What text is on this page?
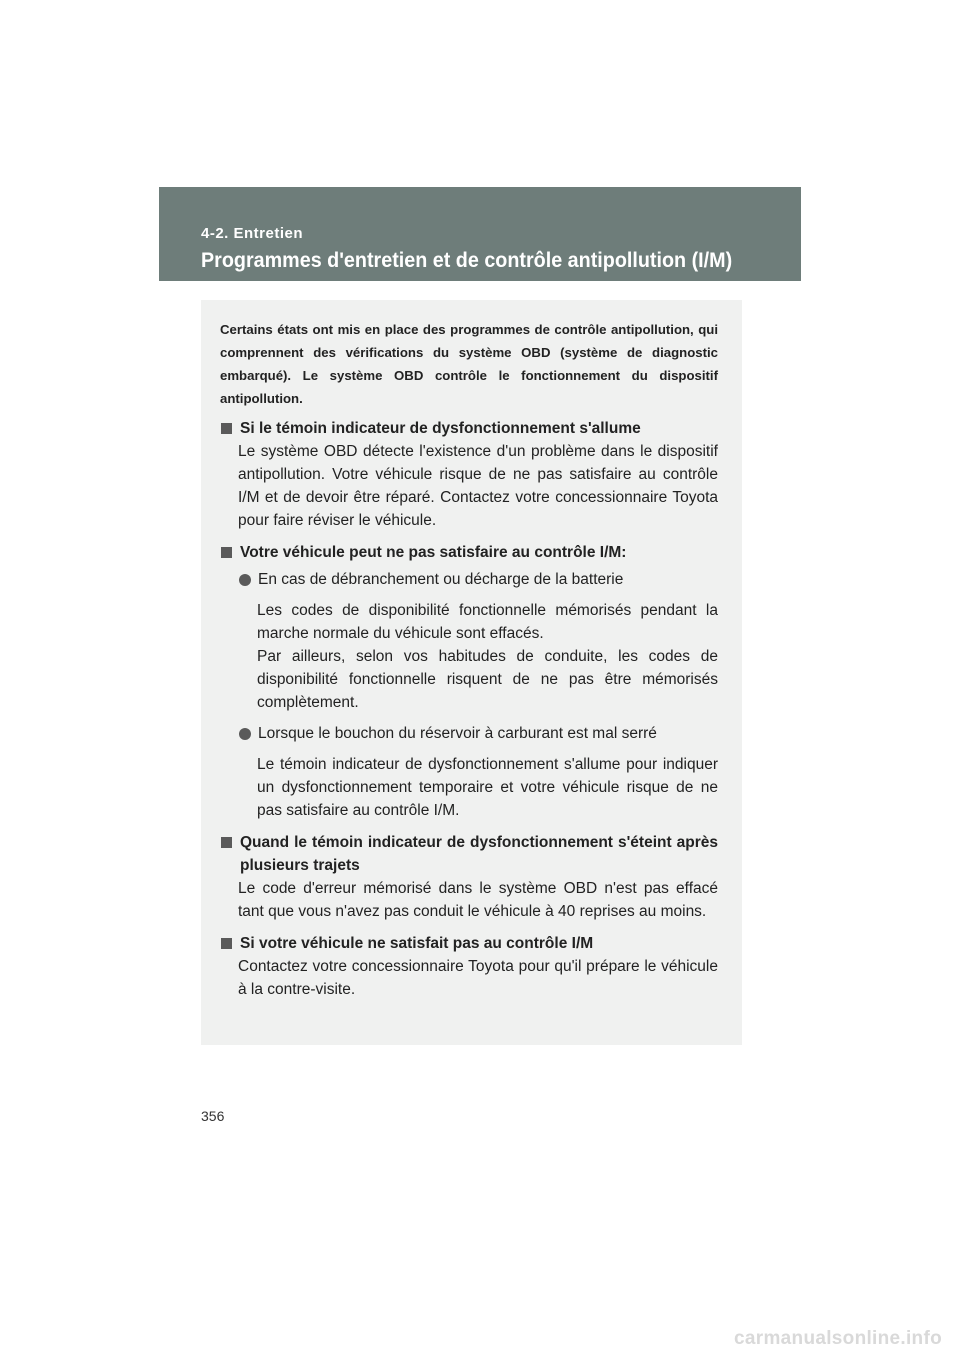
4-2. Entretien
Programmes d'entretien et de contrôle antipollution (I/M)

Certains états ont mis en place des programmes de contrôle antipollution, qui comprennent des vérifications du système OBD (système de diagnostic embarqué). Le système OBD contrôle le fonctionnement du dispositif antipollution.

Si le témoin indicateur de dysfonctionnement s'allume

Le système OBD détecte l'existence d'un problème dans le dispositif antipollution. Votre véhicule risque de ne pas satisfaire au contrôle I/M et de devoir être réparé. Contactez votre concessionnaire Toyota pour faire réviser le véhicule.

Votre véhicule peut ne pas satisfaire au contrôle I/M:
En cas de débranchement ou décharge de la batterie
Les codes de disponibilité fonctionnelle mémorisés pendant la marche normale du véhicule sont effacés.
Par ailleurs, selon vos habitudes de conduite, les codes de disponibilité fonctionnelle risquent de ne pas être mémorisés complètement.
Lorsque le bouchon du réservoir à carburant est mal serré
Le témoin indicateur de dysfonctionnement s'allume pour indiquer un dysfonctionnement temporaire et votre véhicule risque de ne pas satisfaire au contrôle I/M.
Quand le témoin indicateur de dysfonctionnement s'éteint après plusieurs trajets

Le code d'erreur mémorisé dans le système OBD n'est pas effacé tant que vous n'avez pas conduit le véhicule à 40 reprises au moins.

Si votre véhicule ne satisfait pas au contrôle I/M

Contactez votre concessionnaire Toyota pour qu'il prépare le véhicule à la contre-visite.

356
carmanualsonline.info
